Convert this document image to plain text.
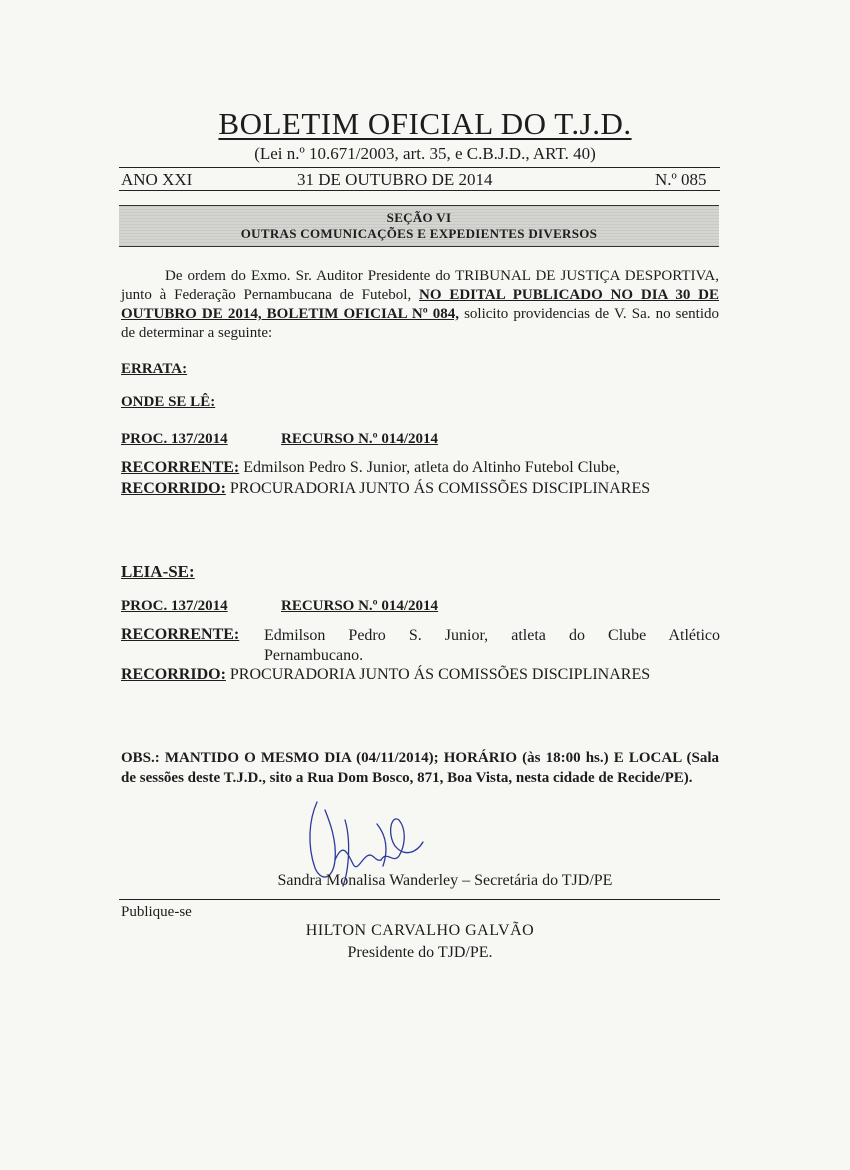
BOLETIM OFICIAL DO T.J.D.
(Lei n.º 10.671/2003, art. 35, e C.B.J.D., ART. 40)
ANO XXI	31 DE OUTUBRO DE 2014	N.º 085
SEÇÃO VI
OUTRAS COMUNICAÇÕES E EXPEDIENTES DIVERSOS
De ordem do Exmo. Sr. Auditor Presidente do TRIBUNAL DE JUSTIÇA DESPORTIVA, junto à Federação Pernambucana de Futebol, NO EDITAL PUBLICADO NO DIA 30 DE OUTUBRO DE 2014, BOLETIM OFICIAL Nº 084, solicito providencias de V. Sa. no sentido de determinar a seguinte:
ERRATA:
ONDE SE LÊ:
PROC. 137/2014	RECURSO N.º 014/2014
RECORRENTE: Edmilson Pedro S. Junior, atleta do Altinho Futebol Clube,
RECORRIDO: PROCURADORIA JUNTO ÁS COMISSÕES DISCIPLINARES
LEIA-SE:
PROC. 137/2014	RECURSO N.º 014/2014
RECORRENTE: Edmilson Pedro S. Junior, atleta do Clube Atlético Pernambucano.
RECORRIDO: PROCURADORIA JUNTO ÁS COMISSÕES DISCIPLINARES
OBS.: MANTIDO O MESMO DIA (04/11/2014); HORÁRIO (às 18:00 hs.) E LOCAL (Sala de sessões deste T.J.D., sito a Rua Dom Bosco, 871, Boa Vista, nesta cidade de Recide/PE).
Sandra Monalisa Wanderley – Secretária do TJD/PE
Publique-se
HILTON CARVALHO GALVÃO
Presidente do TJD/PE.
